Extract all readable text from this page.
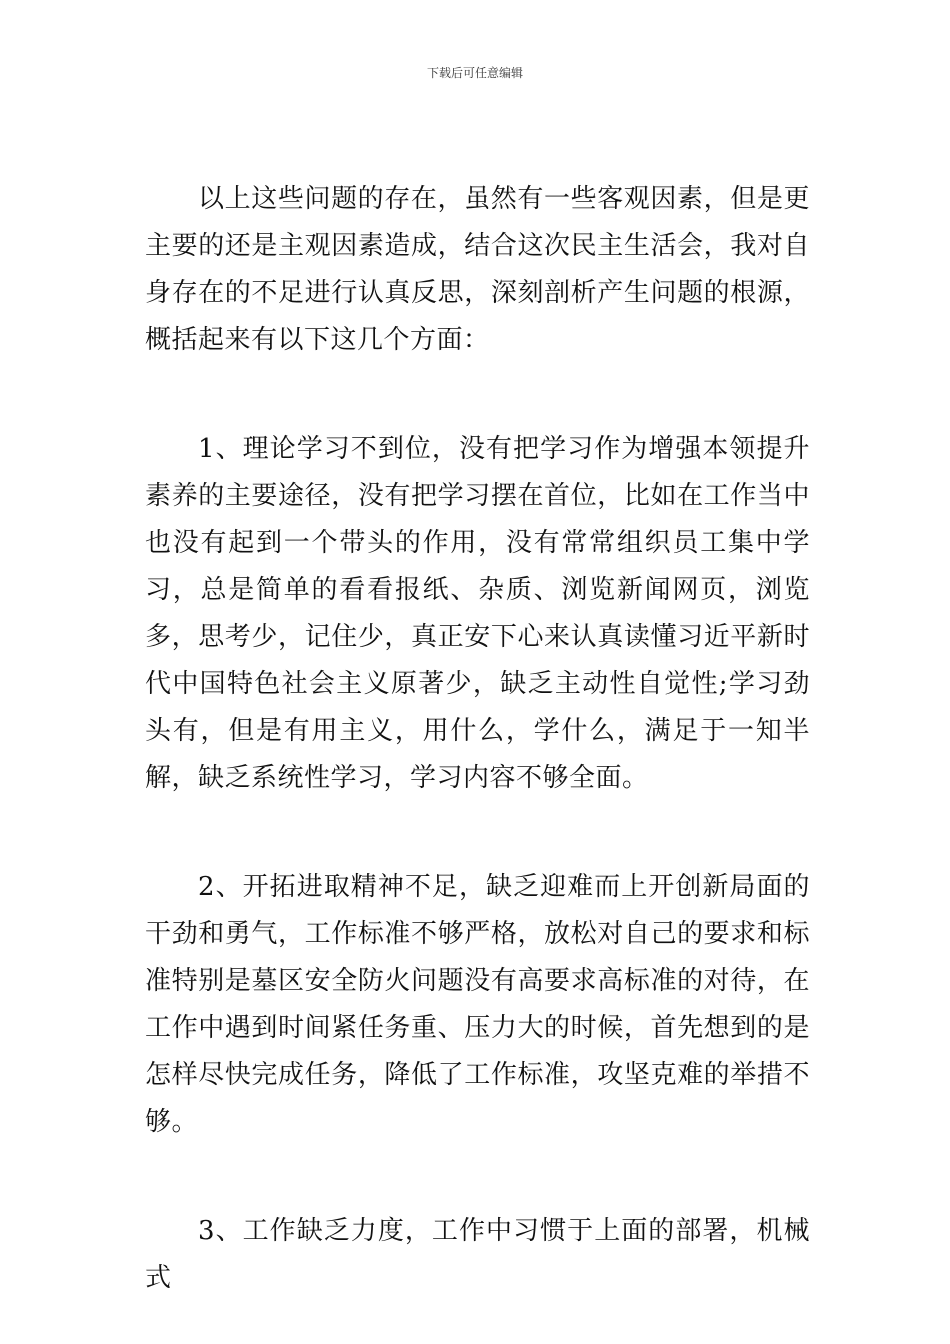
下载后可任意编辑

以上这些问题的存在，虽然有一些客观因素，但是更主要的还是主观因素造成，结合这次民主生活会，我对自身存在的不足进行认真反思，深刻剖析产生问题的根源，概括起来有以下这几个方面：

1、理论学习不到位，没有把学习作为增强本领提升素养的主要途径，没有把学习摆在首位，比如在工作当中也没有起到一个带头的作用，没有常常组织员工集中学习，总是简单的看看报纸、杂质、浏览新闻网页，浏览多，思考少，记住少，真正安下心来认真读懂习近平新时代中国特色社会主义原著少，缺乏主动性自觉性;学习劲头有，但是有用主义，用什么，学什么，满足于一知半解，缺乏系统性学习，学习内容不够全面。

2、开拓进取精神不足，缺乏迎难而上开创新局面的干劲和勇气，工作标准不够严格，放松对自己的要求和标准特别是墓区安全防火问题没有高要求高标准的对待，在工作中遇到时间紧任务重、压力大的时候，首先想到的是怎样尽快完成任务，降低了工作标准，攻坚克难的举措不够。

3、工作缺乏力度，工作中习惯于上面的部署，机械式
